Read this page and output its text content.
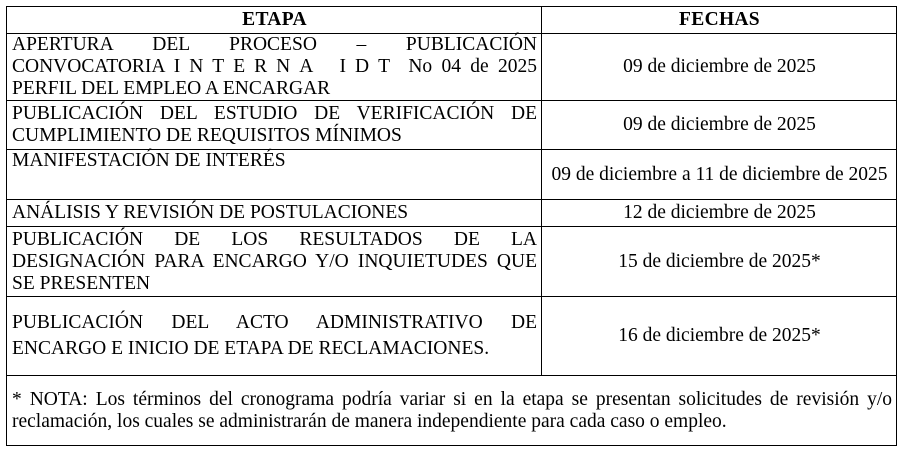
ETAPA	FECHAS
APERTURA DEL PROCESO – PUBLICACIÓN CONVOCATORIA INTERNA IDT No 04 de 2025 PERFIL DEL EMPLEO A ENCARGAR	09 de diciembre de 2025
PUBLICACIÓN DEL ESTUDIO DE VERIFICACIÓN DE CUMPLIMIENTO DE REQUISITOS MÍNIMOS	09 de diciembre de 2025
MANIFESTACIÓN DE INTERÉS	09 de diciembre a 11 de diciembre de 2025
ANÁLISIS Y REVISIÓN DE POSTULACIONES	12 de diciembre de 2025
PUBLICACIÓN DE LOS RESULTADOS DE LA DESIGNACIÓN PARA ENCARGO Y/O INQUIETUDES QUE SE PRESENTEN	15 de diciembre de 2025*
PUBLICACIÓN DEL ACTO ADMINISTRATIVO DE ENCARGO E INICIO DE ETAPA DE RECLAMACIONES.	16 de diciembre de 2025*
* NOTA: Los términos del cronograma podría variar si en la etapa se presentan solicitudes de revisión y/o reclamación, los cuales se administrarán de manera independiente para cada caso o empleo.	
